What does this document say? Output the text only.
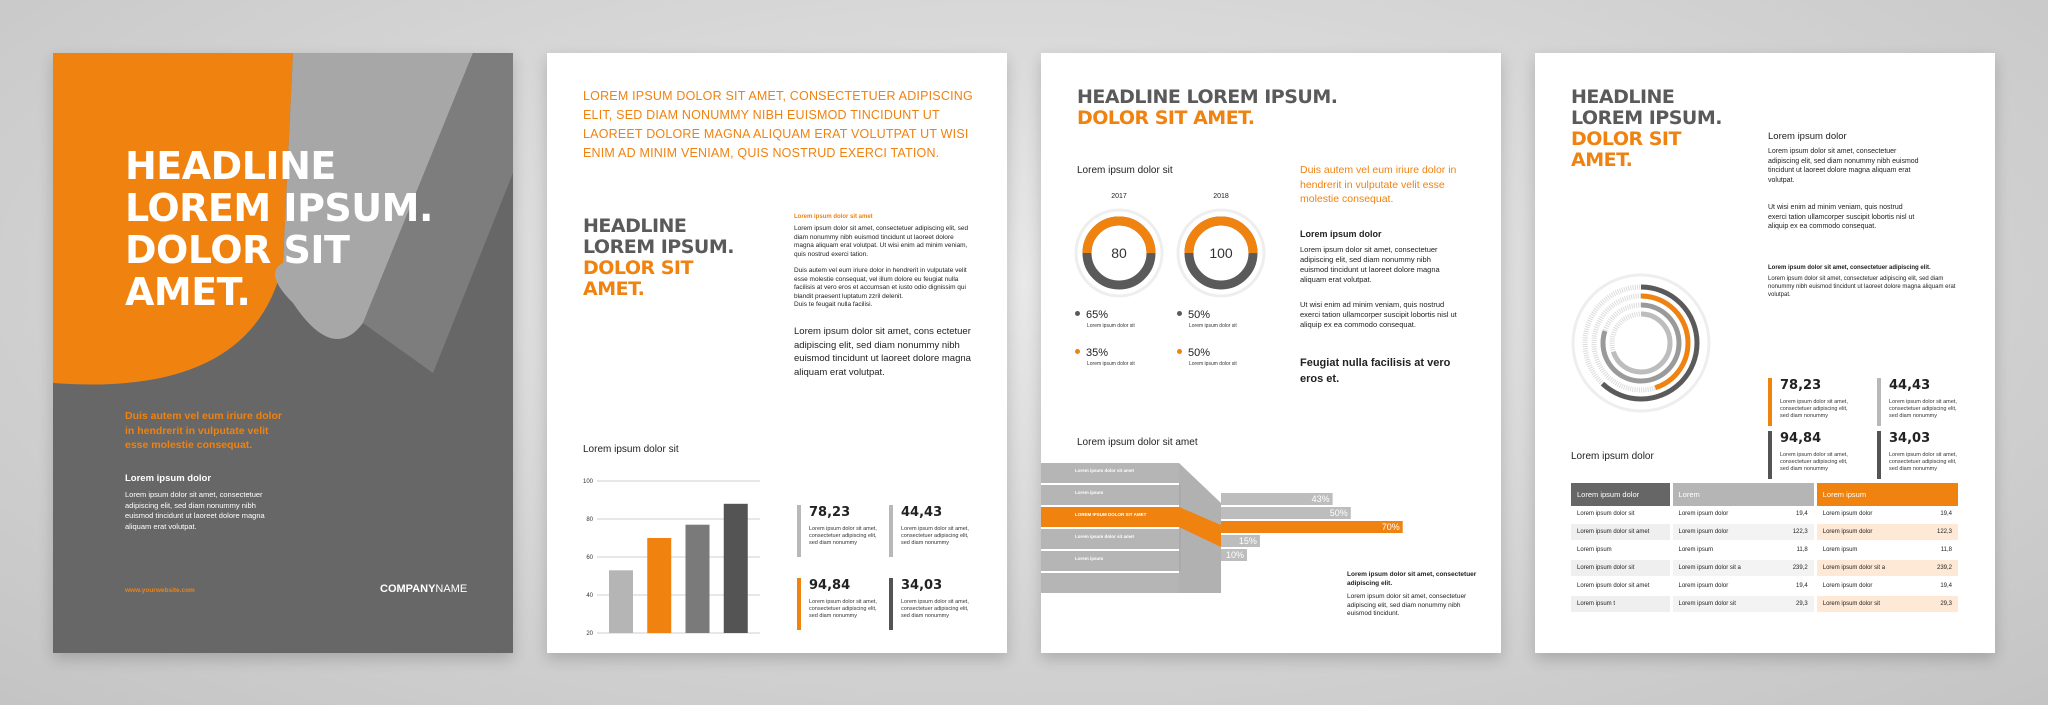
HEADLINE
LOREM IPSUM.
DOLOR SIT
AMET.
Duis autem vel eum iriure dolor
in hendrerit in vulputate velit
esse molestie consequat.
Lorem ipsum dolor
Lorem ipsum dolor sit amet, consectetuer adipiscing elit, sed diam nonummy nibh euismod tincidunt ut laoreet dolore magna aliquam erat volutpat.
www.yourwebsite.com	COMPANYNAME
LOREM IPSUM DOLOR SIT AMET, CONSECTETUER ADIPISCING ELIT, SED DIAM NONUMMY NIBH EUISMOD TINCIDUNT UT LAOREET DOLORE MAGNA ALIQUAM ERAT VOLUTPAT UT WISI ENIM AD MINIM VENIAM, QUIS NOSTRUD EXERCI TATION.
HEADLINE
LOREM IPSUM.
DOLOR SIT
AMET.
Lorem ipsum dolor sit amet
Lorem ipsum dolor sit amet, consectetuer adipiscing elit, sed diam nonummy nibh euismod tincidunt ut laoreet dolore magna aliquam erat volutpat. Ut wisi enim ad minim veniam, quis nostrud exerci tation.
Duis autem vel eum iriure dolor in hendrerit in vulputate velit esse molestie consequat, vel illum dolore eu feugiat nulla facilisis at vero eros et accumsan et iusto odio dignissim qui blandit praesent luptatum zzril delenit.
Duis te feugait nulla facilisi.
Lorem ipsum dolor sit amet, cons ectetuer adipiscing elit, sed diam nonummy nibh euismod tincidunt ut laoreet dolore magna aliquam erat volutpat.
Lorem ipsum dolor sit
20
40
60
80
100
78,23
Lorem ipsum dolor sit amet, consectetuer adipiscing elit, sed diam nonummy
44,43
Lorem ipsum dolor sit amet, consectetuer adipiscing elit, sed diam nonummy
94,84
Lorem ipsum dolor sit amet, consectetuer adipiscing elit, sed diam nonummy
34,03
Lorem ipsum dolor sit amet, consectetuer adipiscing elit, sed diam nonummy
HEADLINE LOREM IPSUM.
DOLOR SIT AMET.
Lorem ipsum dolor sit	Duis autem vel eum iriure dolor in hendrerit in vulputate velit esse molestie consequat.
Lorem ipsum dolor
Lorem ipsum dolor sit amet, consectetuer adipiscing elit, sed diam nonummy nibh euismod tincidunt ut laoreet dolore magna aliquam erat volutpat.
Ut wisi enim ad minim veniam, quis nostrud exerci tation ullamcorper suscipit lobortis nisl ut aliquip ex ea commodo consequat.
Feugiat nulla facilisis at vero eros et.
Lorem ipsum dolor sit amet
Lorem ipsum dolor sit amet
Lorem ipsum
LOREM IPSUM DOLOR SIT AMET
Lorem ipsum dolor sit amet
Lorem ipsum
43%
50%
70%
15%
10%
Lorem ipsum dolor sit amet, consectetuer adipiscing elit.
Lorem ipsum dolor sit amet, consectetuer adipiscing elit, sed diam nonummy nibh euismod tincidunt.
2017
80
65%
Lorem ipsum dolor sit
35%
Lorem ipsum dolor sit
2018
100
50%
Lorem ipsum dolor sit
50%
Lorem ipsum dolor sit
HEADLINE
LOREM IPSUM.
DOLOR SIT
AMET.
Lorem ipsum dolor
Lorem ipsum dolor sit amet, consectetuer adipiscing elit, sed diam nonummy nibh euismod tincidunt ut laoreet dolore magna aliquam erat volutpat.
Ut wisi enim ad minim veniam, quis nostrud exerci tation ullamcorper suscipit lobortis nisl ut aliquip ex ea commodo consequat.
Lorem ipsum dolor sit amet, consectetuer adipiscing elit.
Lorem ipsum dolor sit amet, consectetuer adipiscing elit, sed diam nonummy nibh euismod tincidunt ut laoreet dolore magna aliquam erat volutpat.
Lorem ipsum dolor
Lorem ipsum dolor	Lorem		Lorem ipsum	
Lorem ipsum dolor sit	Lorem ipsum dolor	19,4	Lorem ipsum dolor	19,4
Lorem ipsum dolor sit amet	Lorem ipsum dolor	122,3	Lorem ipsum dolor	122,3
Lorem ipsum	Lorem ipsum	11,8	Lorem ipsum	11,8
Lorem ipsum dolor sit	Lorem ipsum dolor sit a	239,2	Lorem ipsum dolor sit a	239,2
Lorem ipsum dolor sit amet	Lorem ipsum dolor	19,4	Lorem ipsum dolor	19,4
Lorem ipsum t	Lorem ipsum dolor sit	29,3	Lorem ipsum dolor sit	29,3
78,23
Lorem ipsum dolor sit amet, consectetuer adipiscing elit, sed diam nonummy
44,43
Lorem ipsum dolor sit amet, consectetuer adipiscing elit, sed diam nonummy
94,84
Lorem ipsum dolor sit amet, consectetuer adipiscing elit, sed diam nonummy
34,03
Lorem ipsum dolor sit amet, consectetuer adipiscing elit, sed diam nonummy
